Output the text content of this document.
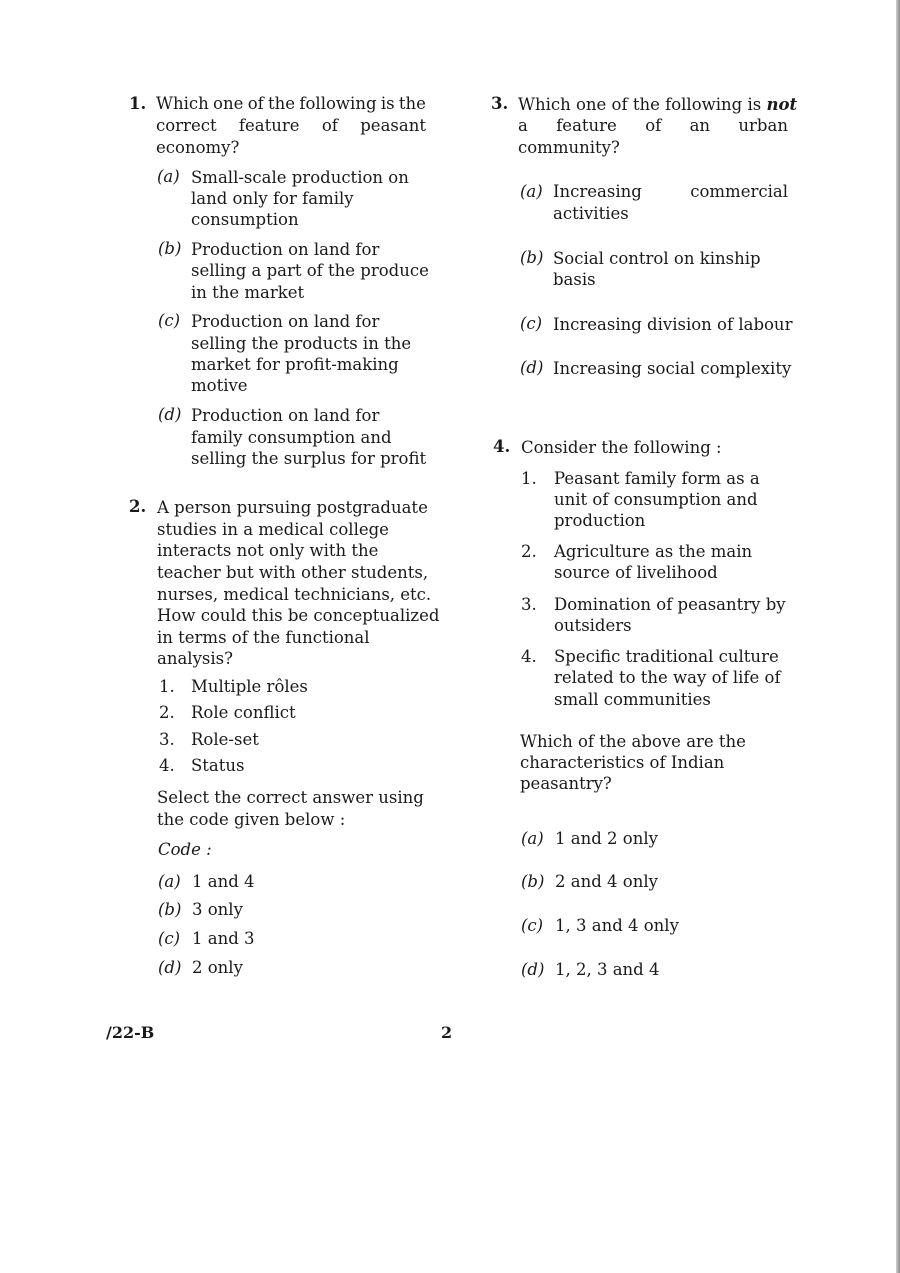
1. Which one of the following is the
correct feature of peasant
economy?
(a) Small-scale production on
land only for family
consumption
(b) Production on land for
selling a part of the produce
in the market
(c) Production on land for
selling the products in the
market for profit-making
motive
(d) Production on land for
family consumption and
selling the surplus for profit
2. A person pursuing postgraduate
studies in a medical college
interacts not only with the
teacher but with other students,
nurses, medical technicians, etc.
How could this be conceptualized
in terms of the functional
analysis?
1. Multiple rôles
2. Role conflict
3. Role-set
4. Status
Select the correct answer using
the code given below :
Code :
(a) 1 and 4
(b) 3 only
(c) 1 and 3
(d) 2 only
3. Which one of the following is not
a feature of an urban
community?
(a) Increasing	commercial
activities
(b) Social control on kinship
basis
(c) Increasing division of labour
(d) Increasing social complexity
4. Consider the following :
1. Peasant family form as a
unit of consumption and
production
2. Agriculture as the main
source of livelihood
3. Domination of peasantry by
outsiders
4. Specific traditional culture
related to the way of life of
small communities
Which of the above are the
characteristics of Indian
peasantry?
(a) 1 and 2 only
(b) 2 and 4 only
(c) 1, 3 and 4 only
(d) 1, 2, 3 and 4
/22-B	2
